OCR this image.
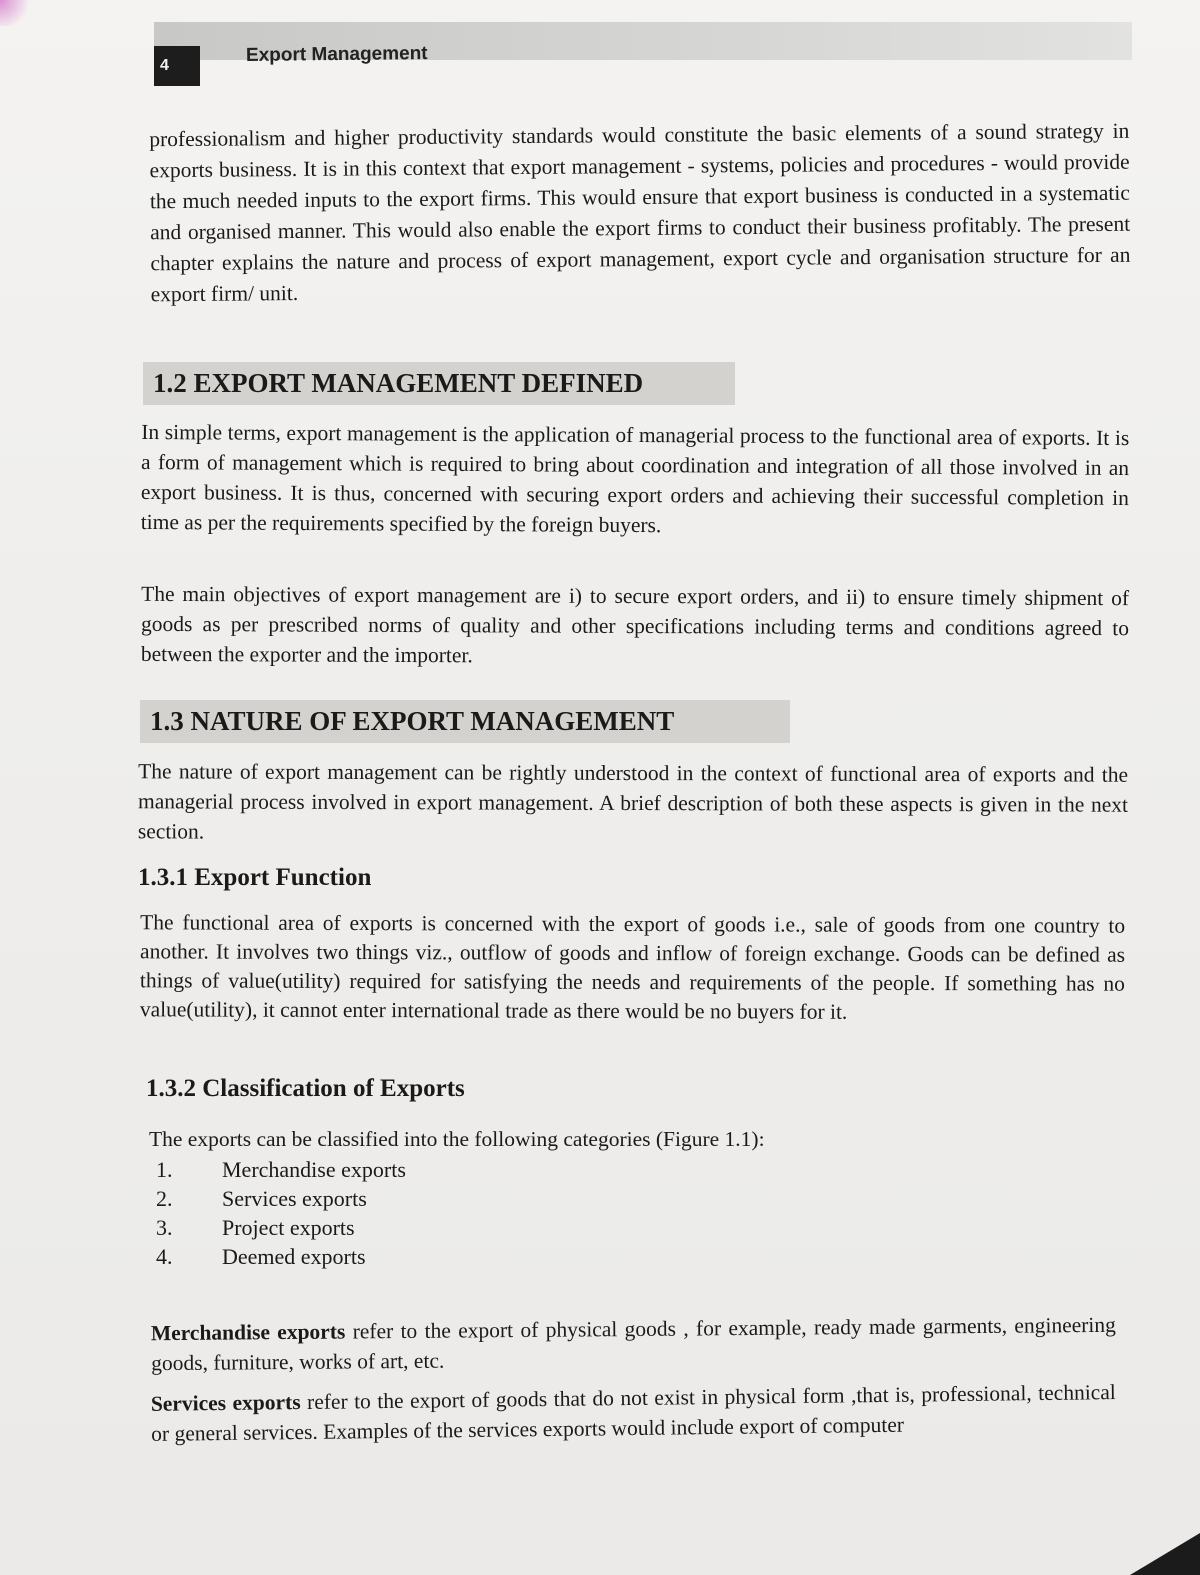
4	Export Management

professionalism and higher productivity standards would constitute the basic elements of a sound strategy in exports business. It is in this context that export management - systems, policies and procedures - would provide the much needed inputs to the export firms. This would ensure that export business is conducted in a systematic and organised manner. This would also enable the export firms to conduct their business profitably. The present chapter explains the nature and process of export management, export cycle and organisation structure for an export firm/ unit.

1.2 EXPORT MANAGEMENT DEFINED

In simple terms, export management is the application of managerial process to the functional area of exports. It is a form of management which is required to bring about coordination and integration of all those involved in an export business. It is thus, concerned with securing export orders and achieving their successful completion in time as per the requirements specified by the foreign buyers.

The main objectives of export management are i) to secure export orders, and ii) to ensure timely shipment of goods as per prescribed norms of quality and other specifications including terms and conditions agreed to between the exporter and the importer.

1.3 NATURE OF EXPORT MANAGEMENT

The nature of export management can be rightly understood in the context of functional area of exports and the managerial process involved in export management. A brief description of both these aspects is given in the next section.

1.3.1 Export Function

The functional area of exports is concerned with the export of goods i.e., sale of goods from one country to another. It involves two things viz., outflow of goods and inflow of foreign exchange. Goods can be defined as things of value(utility) required for satisfying the needs and requirements of the people. If something has no value(utility), it cannot enter international trade as there would be no buyers for it.

1.3.2 Classification of Exports

The exports can be classified into the following categories (Figure 1.1):

1.	Merchandise exports
2.	Services exports
3.	Project exports
4.	Deemed exports

Merchandise exports refer to the export of physical goods , for example, ready made garments, engineering goods, furniture, works of art, etc.

Services exports refer to the export of goods that do not exist in physical form ,that is, professional, technical or general services. Examples of the services exports would include export of computer
